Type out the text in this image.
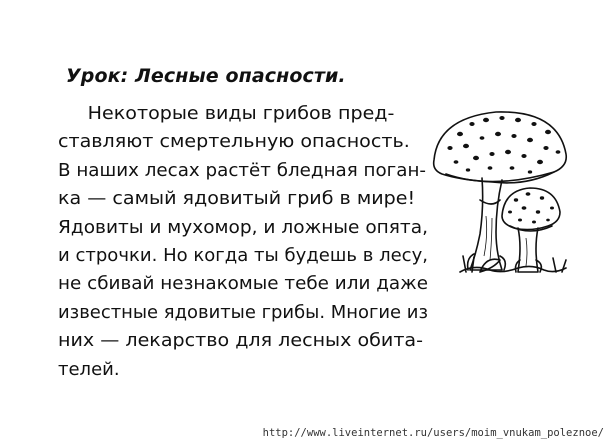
Урок: Лесные опасности.
Некоторые виды грибов пред-
ставляют смертельную опасность.
В наших лесах растёт бледная поган-
ка — самый ядовитый гриб в мире!
Ядовиты и мухомор, и ложные опята,
и строчки. Но когда ты будешь в лесу,
не сбивай незнакомые тебе или даже
известные ядовитые грибы. Многие из
них — лекарство для лесных обита-
телей.
http://www.liveinternet.ru/users/moim_vnukam_poleznoe/
